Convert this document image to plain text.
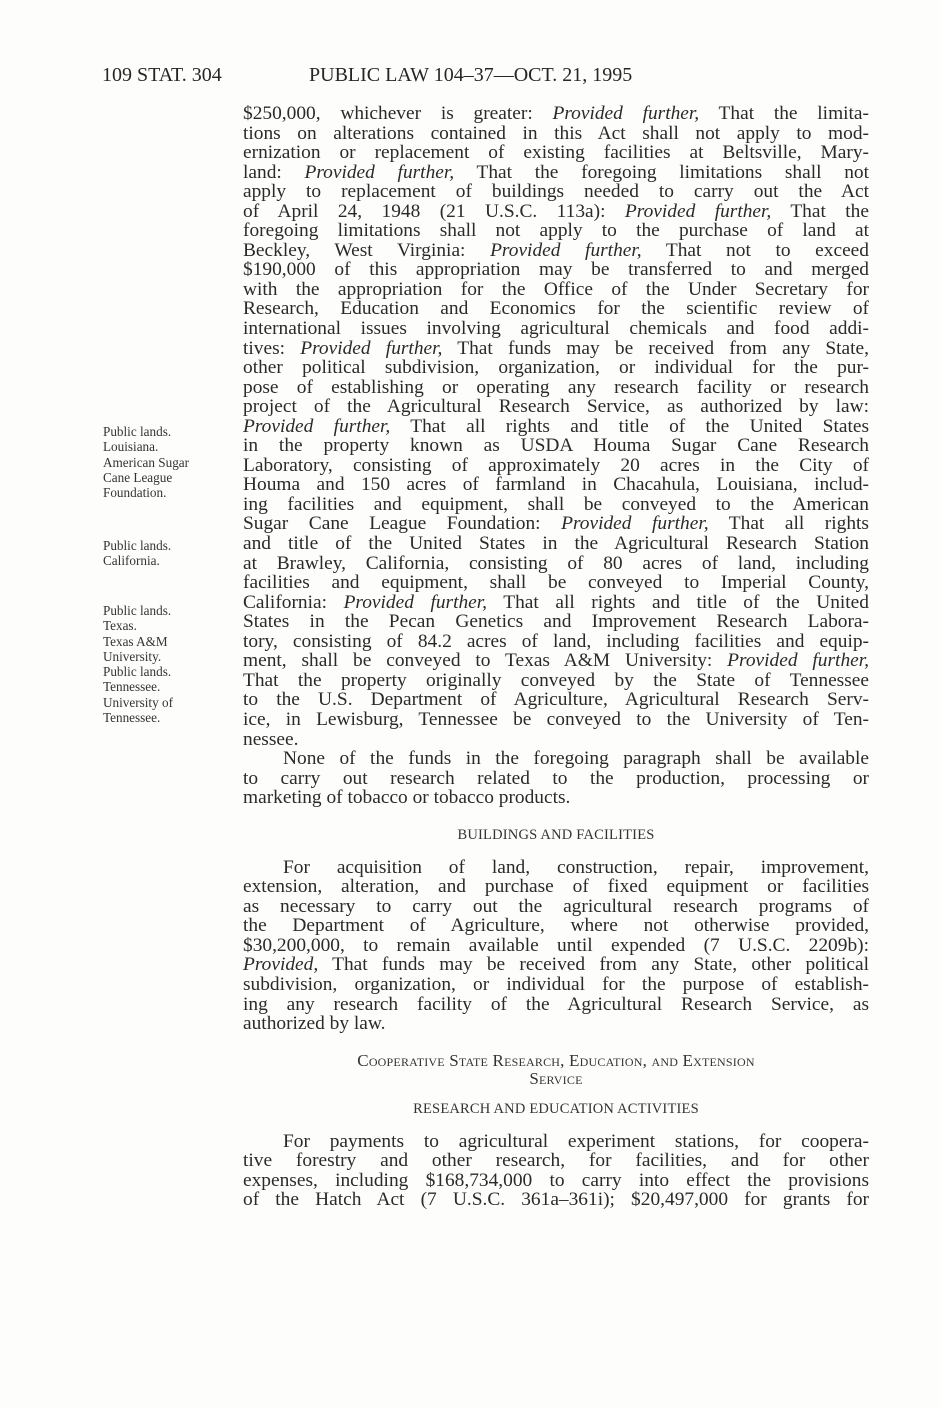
109 STAT. 304	PUBLIC LAW 104–37—OCT. 21, 1995
Public lands.
Louisiana.
American Sugar
Cane League
Foundation.
Public lands.
California.
Public lands.
Texas.
Texas A&M
University.
Public lands.
Tennessee.
University of
Tennessee.
$250,000, whichever is greater: Provided further, That the limita-
tions on alterations contained in this Act shall not apply to mod-
ernization or replacement of existing facilities at Beltsville, Mary-
land: Provided further, That the foregoing limitations shall not
apply to replacement of buildings needed to carry out the Act
of April 24, 1948 (21 U.S.C. 113a): Provided further, That the
foregoing limitations shall not apply to the purchase of land at
Beckley, West Virginia: Provided further, That not to exceed
$190,000 of this appropriation may be transferred to and merged
with the appropriation for the Office of the Under Secretary for
Research, Education and Economics for the scientific review of
international issues involving agricultural chemicals and food addi-
tives: Provided further, That funds may be received from any State,
other political subdivision, organization, or individual for the pur-
pose of establishing or operating any research facility or research
project of the Agricultural Research Service, as authorized by law:
Provided further, That all rights and title of the United States
in the property known as USDA Houma Sugar Cane Research
Laboratory, consisting of approximately 20 acres in the City of
Houma and 150 acres of farmland in Chacahula, Louisiana, includ-
ing facilities and equipment, shall be conveyed to the American
Sugar Cane League Foundation: Provided further, That all rights
and title of the United States in the Agricultural Research Station
at Brawley, California, consisting of 80 acres of land, including
facilities and equipment, shall be conveyed to Imperial County,
California: Provided further, That all rights and title of the United
States in the Pecan Genetics and Improvement Research Labora-
tory, consisting of 84.2 acres of land, including facilities and equip-
ment, shall be conveyed to Texas A&M University: Provided further,
That the property originally conveyed by the State of Tennessee
to the U.S. Department of Agriculture, Agricultural Research Serv-
ice, in Lewisburg, Tennessee be conveyed to the University of Ten-
nessee.
None of the funds in the foregoing paragraph shall be available
to carry out research related to the production, processing or
marketing of tobacco or tobacco products.
BUILDINGS AND FACILITIES
For acquisition of land, construction, repair, improvement,
extension, alteration, and purchase of fixed equipment or facilities
as necessary to carry out the agricultural research programs of
the Department of Agriculture, where not otherwise provided,
$30,200,000, to remain available until expended (7 U.S.C. 2209b):
Provided, That funds may be received from any State, other political
subdivision, organization, or individual for the purpose of establish-
ing any research facility of the Agricultural Research Service, as
authorized by law.
Cooperative State Research, Education, and Extension
Service
RESEARCH AND EDUCATION ACTIVITIES
For payments to agricultural experiment stations, for coopera-
tive forestry and other research, for facilities, and for other
expenses, including $168,734,000 to carry into effect the provisions
of the Hatch Act (7 U.S.C. 361a–361i); $20,497,000 for grants for
